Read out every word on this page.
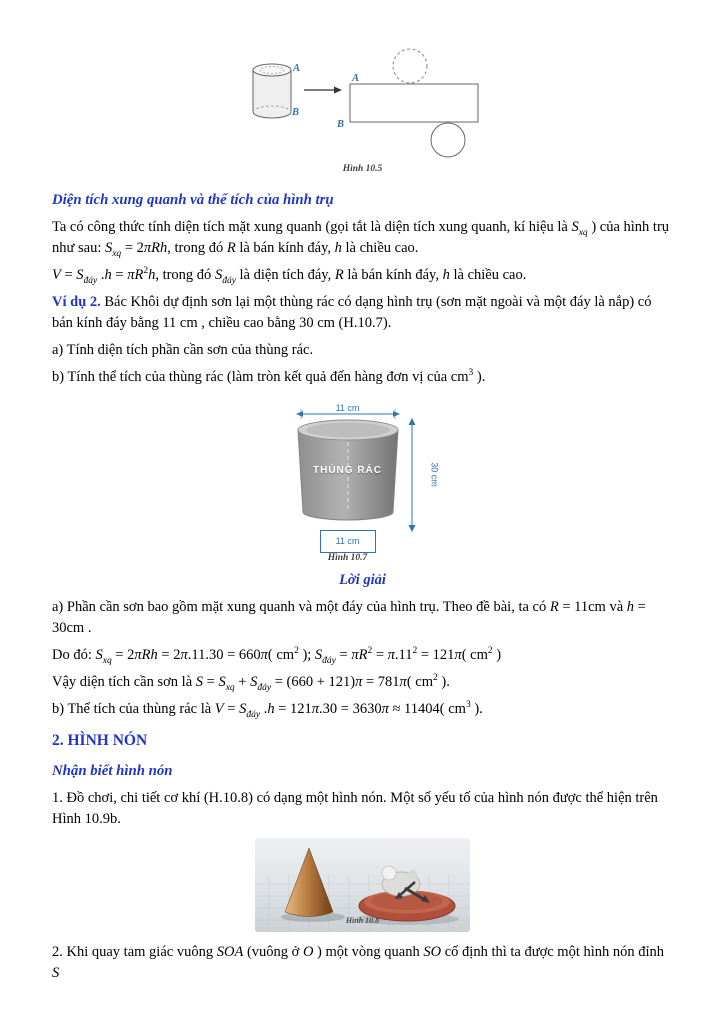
A
B
A
B
Hình 10.5
Diện tích xung quanh và thể tích của hình trụ

Ta có công thức tính diện tích mặt xung quanh (gọi tắt là diện tích xung quanh, kí hiệu là $S_{xq}$ ) của hình trụ như sau: $S_{xq} = 2\pi Rh$, trong đó R là bán kính đáy, h là chiều cao.

$V = S_{đáy}$ $.h = \pi R^2h$, trong đó $S_{đáy}$ là diện tích đáy, R là bán kính đáy, h là chiều cao.

Ví dụ 2. Bác Khôi dự định sơn lại một thùng rác có dạng hình trụ (sơn mặt ngoài và một đáy là nắp) có bán kính đáy bằng 11 cm , chiều cao bằng 30 cm (H.10.7).

a) Tính diện tích phần cần sơn của thùng rác.

b) Tính thể tích của thùng rác (làm tròn kết quả đến hàng đơn vị của $cm^3$ ).

11 cm
THÙNG RÁC	30 cm
11 cm
Hình 10.7

Lời giải

a) Phần cần sơn bao gồm mặt xung quanh và một đáy của hình trụ. Theo đề bài, ta có R = 11cm và h = 30cm .

Do đó: $S_{xq} = 2\pi Rh = 2\pi.11.30 = 660\pi$( $cm^2$ ); $S_{đáy} = \pi R^2 = \pi.11^2 = 121\pi$( $cm^2$ )

Vậy diện tích cần sơn là $S = S_{xq} + S_{đáy} = (660 + 121)\pi = 781\pi$( $cm^2$ ).

b) Thể tích của thùng rác là $V = S_{đáy}$ .h = 121π.30 = 3630π ≈ 11404( $cm^3$ ).

2. HÌNH NÓN
Nhận biết hình nón

1. Đồ chơi, chi tiết cơ khí (H.10.8) có dạng một hình nón. Một số yếu tố của hình nón được thể hiện trên Hình 10.9b.

Hình 10.8

2. Khi quay tam giác vuông SOA (vuông ở O ) một vòng quanh SO cố định thì ta được một hình nón đỉnh S
